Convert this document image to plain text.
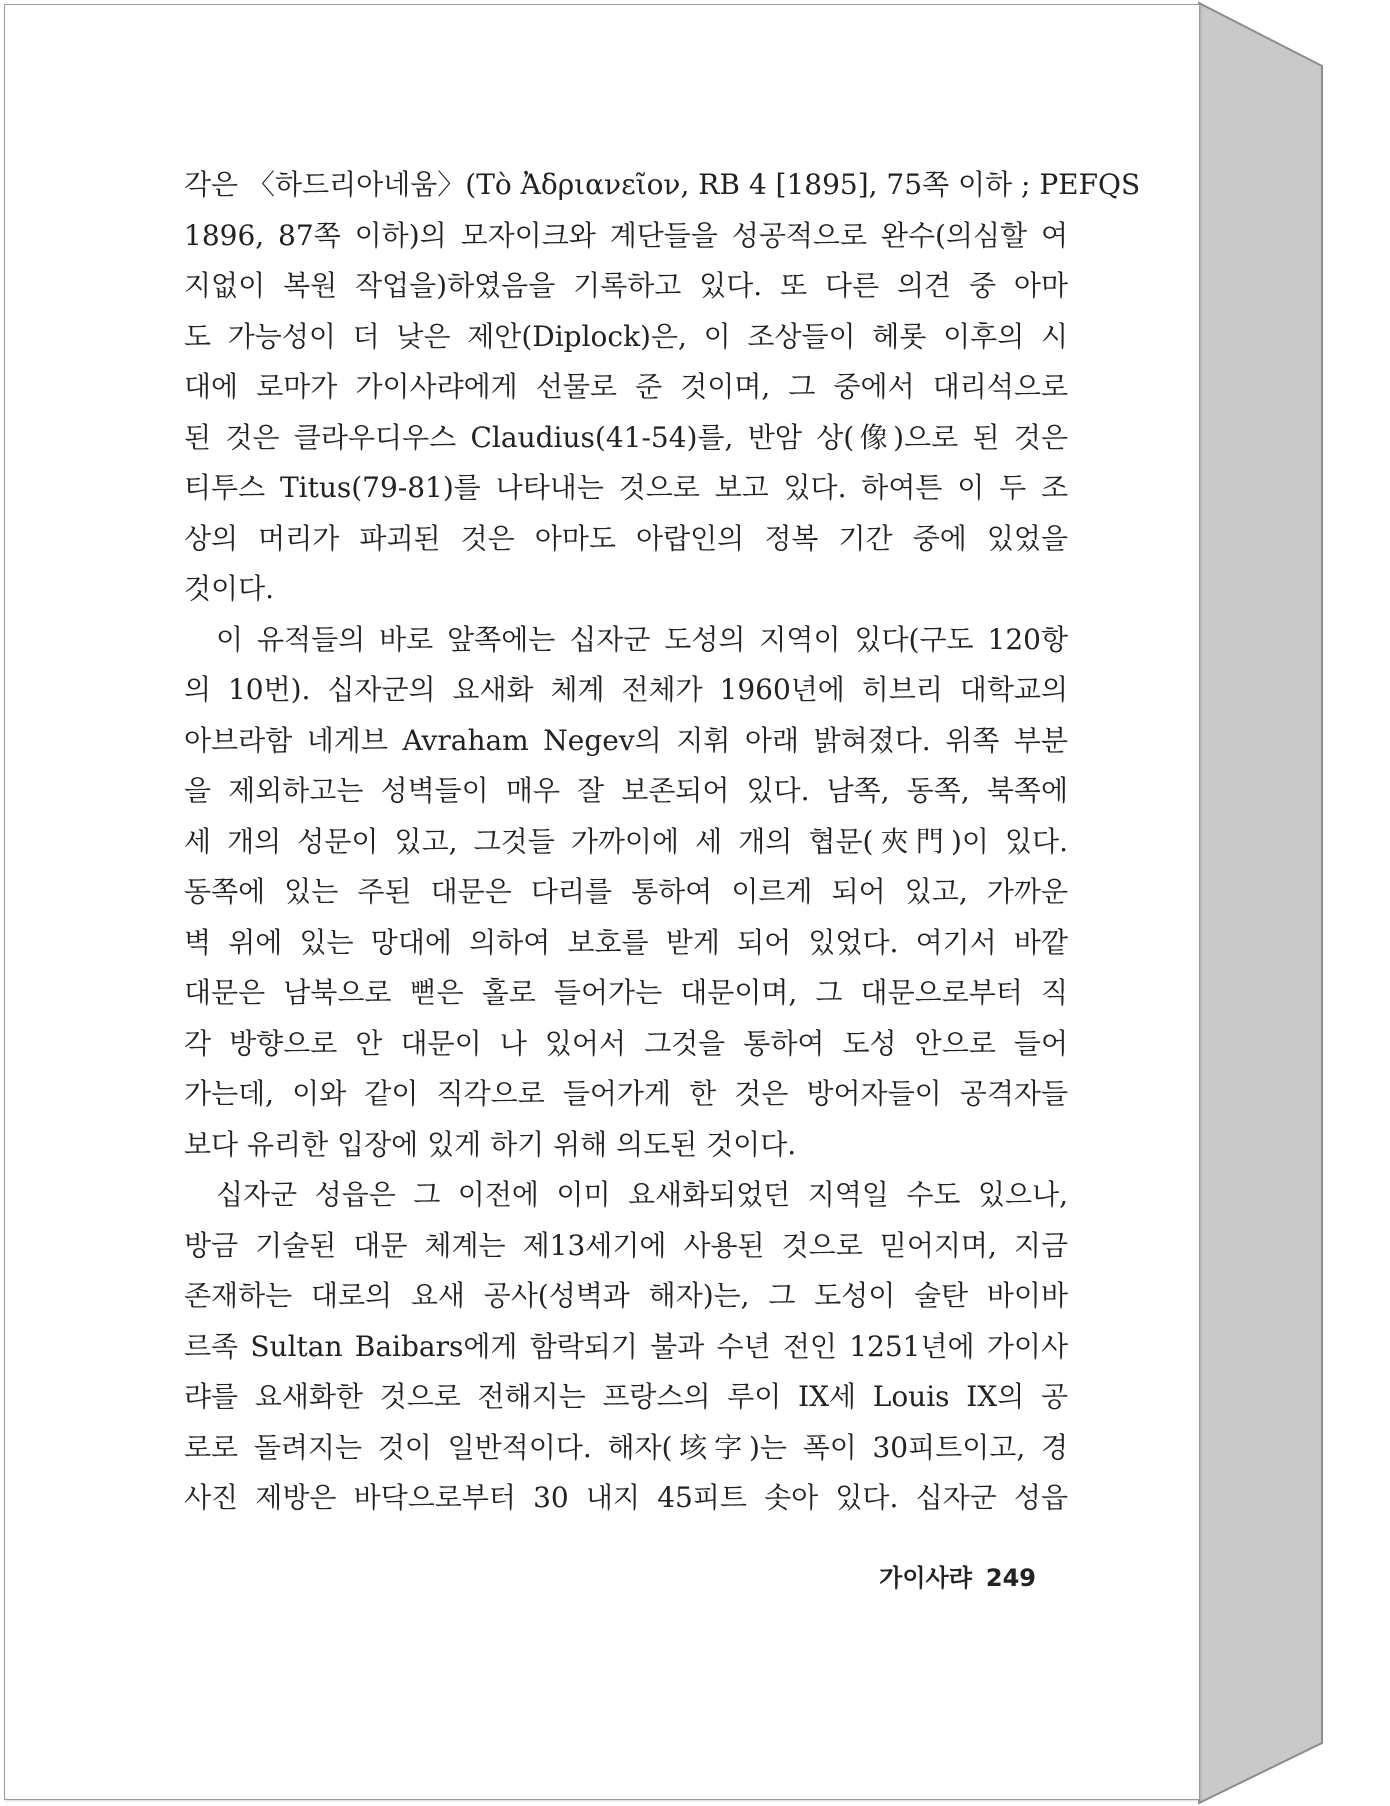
각은 〈하드리아네움〉(Τὸ Ἀδριανεῖον, RB 4 [1895], 75쪽 이하 ; PEFQS
1896, 87쪽 이하)의 모자이크와 계단들을 성공적으로 완수(의심할 여
지없이 복원 작업을)하였음을 기록하고 있다. 또 다른 의견 중 아마
도 가능성이 더 낮은 제안(Diplock)은, 이 조상들이 헤롯 이후의 시
대에 로마가 가이사랴에게 선물로 준 것이며, 그 중에서 대리석으로
된 것은 클라우디우스 Claudius(41-54)를, 반암 상(像)으로 된 것은
티투스 Titus(79-81)를 나타내는 것으로 보고 있다. 하여튼 이 두 조
상의 머리가 파괴된 것은 아마도 아랍인의 정복 기간 중에 있었을
것이다.
이 유적들의 바로 앞쪽에는 십자군 도성의 지역이 있다(구도 120항
의 10번). 십자군의 요새화 체계 전체가 1960년에 히브리 대학교의
아브라함 네게브 Avraham Negev의 지휘 아래 밝혀졌다. 위쪽 부분
을 제외하고는 성벽들이 매우 잘 보존되어 있다. 남쪽, 동쪽, 북쪽에
세 개의 성문이 있고, 그것들 가까이에 세 개의 협문(夾門)이 있다.
동쪽에 있는 주된 대문은 다리를 통하여 이르게 되어 있고, 가까운
벽 위에 있는 망대에 의하여 보호를 받게 되어 있었다. 여기서 바깥
대문은 남북으로 뻗은 홀로 들어가는 대문이며, 그 대문으로부터 직
각 방향으로 안 대문이 나 있어서 그것을 통하여 도성 안으로 들어
가는데, 이와 같이 직각으로 들어가게 한 것은 방어자들이 공격자들
보다 유리한 입장에 있게 하기 위해 의도된 것이다.
십자군 성읍은 그 이전에 이미 요새화되었던 지역일 수도 있으나,
방금 기술된 대문 체계는 제13세기에 사용된 것으로 믿어지며, 지금
존재하는 대로의 요새 공사(성벽과 해자)는, 그 도성이 술탄 바이바
르족 Sultan Baibars에게 함락되기 불과 수년 전인 1251년에 가이사
랴를 요새화한 것으로 전해지는 프랑스의 루이 IX세 Louis IX의 공
로로 돌려지는 것이 일반적이다. 해자(垓字)는 폭이 30피트이고, 경
사진 제방은 바닥으로부터 30 내지 45피트 솟아 있다. 십자군 성읍
가이사랴 249
